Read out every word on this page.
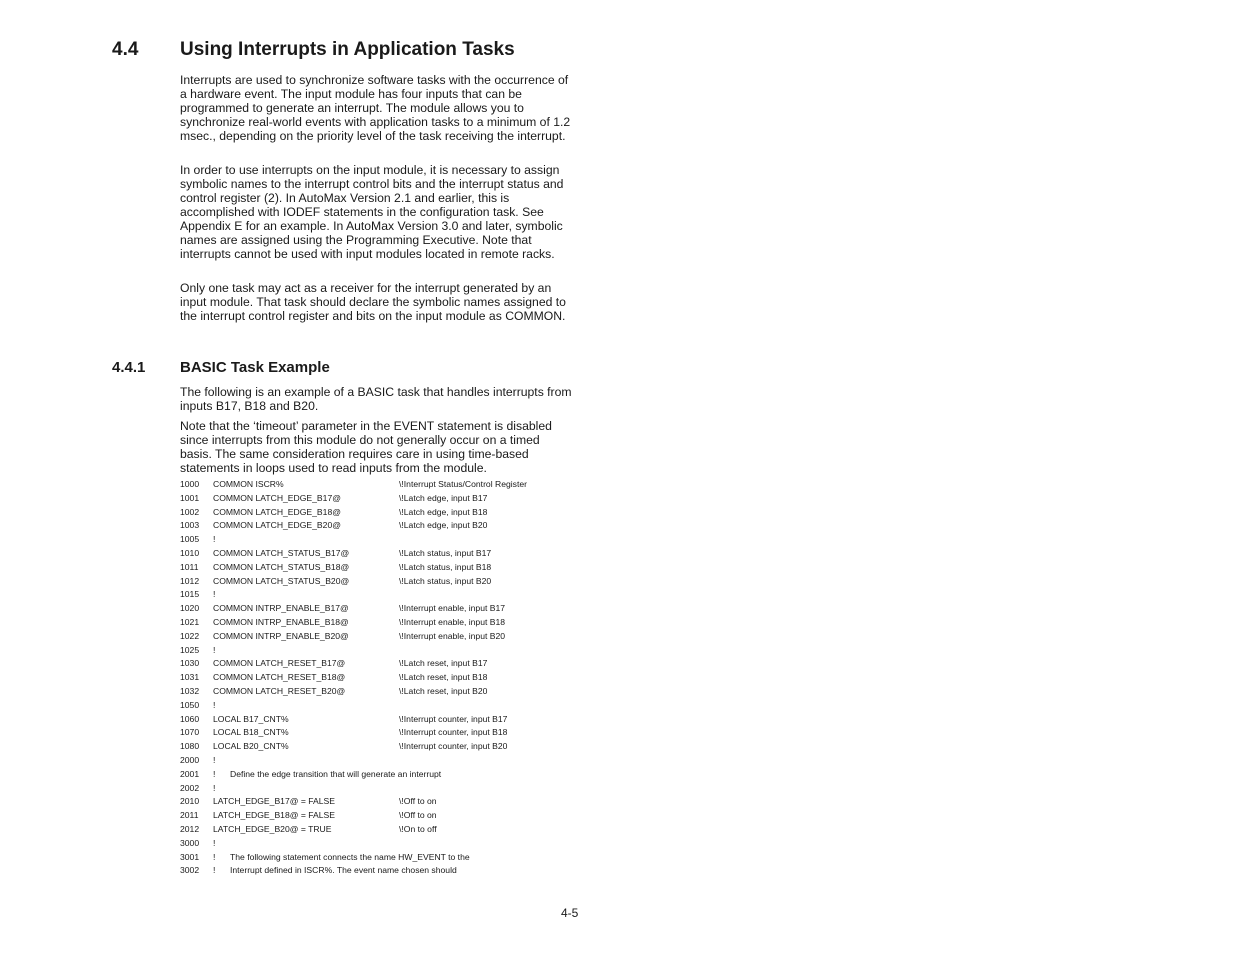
4.4 Using Interrupts in Application Tasks

Interrupts are used to synchronize software tasks with the occurrence of a hardware event. The input module has four inputs that can be programmed to generate an interrupt. The module allows you to synchronize real-world events with application tasks to a minimum of 1.2 msec., depending on the priority level of the task receiving the interrupt.

In order to use interrupts on the input module, it is necessary to assign symbolic names to the interrupt control bits and the interrupt status and control register (2). In AutoMax Version 2.1 and earlier, this is accomplished with IODEF statements in the configuration task. See Appendix E for an example. In AutoMax Version 3.0 and later, symbolic names are assigned using the Programming Executive. Note that interrupts cannot be used with input modules located in remote racks.

Only one task may act as a receiver for the interrupt generated by an input module. That task should declare the symbolic names assigned to the interrupt control register and bits on the input module as COMMON.

4.4.1 BASIC Task Example

The following is an example of a BASIC task that handles interrupts from inputs B17, B18 and B20.

Note that the ‘timeout’ parameter in the EVENT statement is disabled since interrupts from this module do not generally occur on a timed basis. The same consideration requires care in using time-based statements in loops used to read inputs from the module.

1000 COMMON ISCR%	\!Interrupt Status/Control Register
1001 COMMON LATCH_EDGE_B17@	\!Latch edge, input B17
1002 COMMON LATCH_EDGE_B18@	\!Latch edge, input B18
1003 COMMON LATCH_EDGE_B20@	\!Latch edge, input B20
1005 !
1010 COMMON LATCH_STATUS_B17@	\!Latch status, input B17
1011 COMMON LATCH_STATUS_B18@	\!Latch status, input B18
1012 COMMON LATCH_STATUS_B20@	\!Latch status, input B20
1015 !
1020 COMMON INTRP_ENABLE_B17@	\!Interrupt enable, input B17
1021 COMMON INTRP_ENABLE_B18@	\!Interrupt enable, input B18
1022 COMMON INTRP_ENABLE_B20@	\!Interrupt enable, input B20
1025 !
1030 COMMON LATCH_RESET_B17@	\!Latch reset, input B17
1031 COMMON LATCH_RESET_B18@	\!Latch reset, input B18
1032 COMMON LATCH_RESET_B20@	\!Latch reset, input B20
1050 !
1060 LOCAL B17_CNT%	\!Interrupt counter, input B17
1070 LOCAL B18_CNT%	\!Interrupt counter, input B18
1080 LOCAL B20_CNT%	\!Interrupt counter, input B20
2000 !
2001 ! Define the edge transition that will generate an interrupt
2002 !
2010 LATCH_EDGE_B17@ = FALSE	\!Off to on
2011 LATCH_EDGE_B18@ = FALSE	\!Off to on
2012 LATCH_EDGE_B20@ = TRUE	\!On to off
3000 !
3001 ! The following statement connects the name HW_EVENT to the
3002 ! Interrupt defined in ISCR%. The event name chosen should
4-5
